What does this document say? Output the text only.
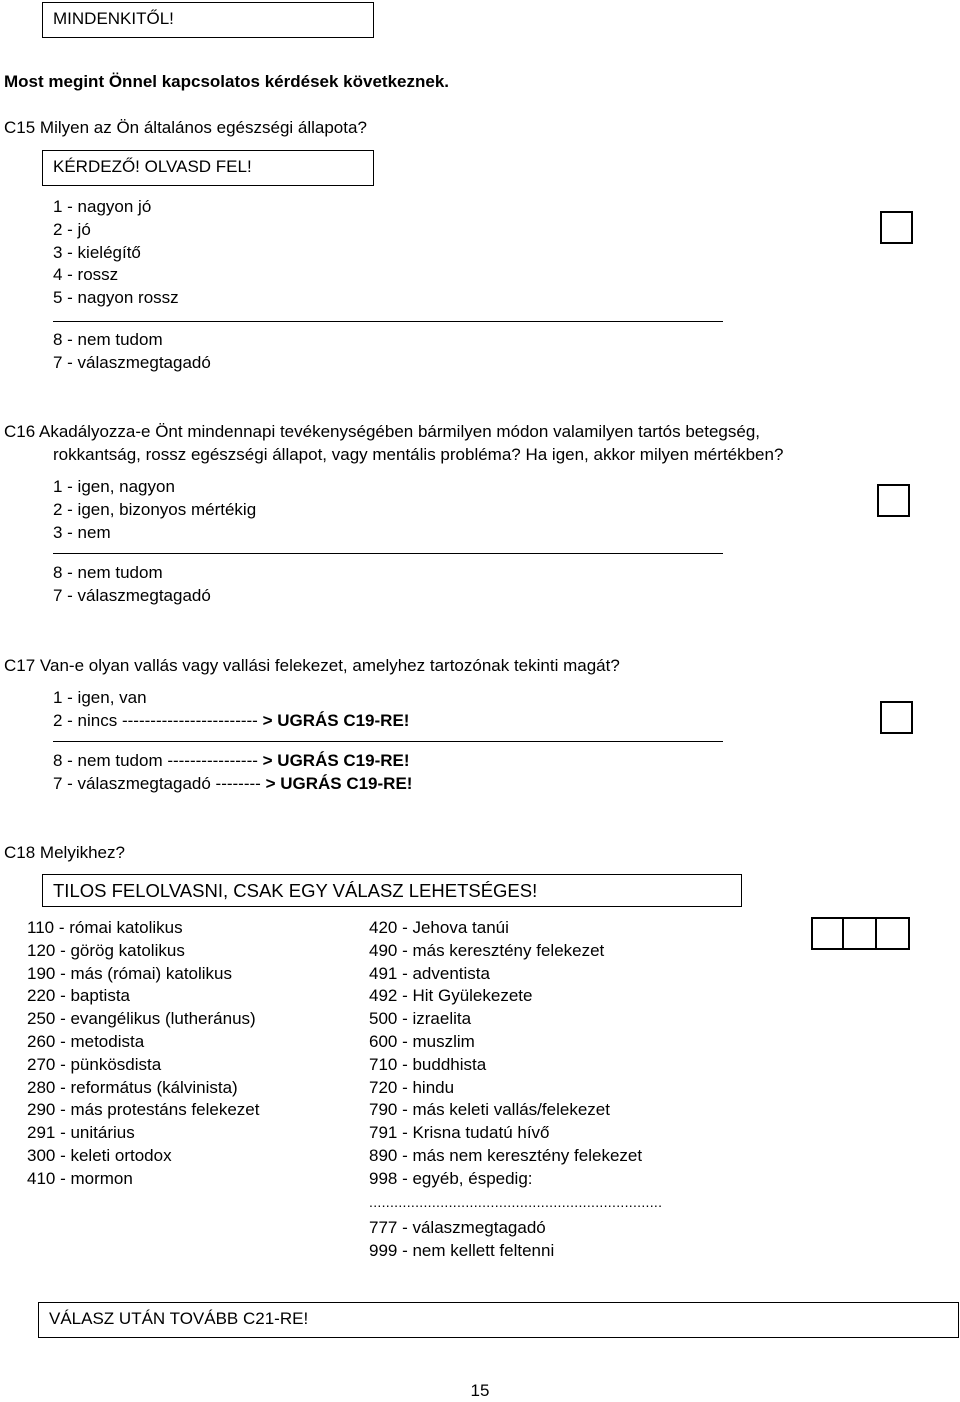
MINDENKITŐL!
Most megint Önnel kapcsolatos kérdések következnek.
C15 Milyen az Ön általános egészségi állapota?
KÉRDEZŐ! OLVASD FEL!
1 - nagyon jó
2 - jó
3 - kielégítő
4 - rossz
5 - nagyon rossz
8 - nem tudom
7 - válaszmegtagadó
C16 Akadályozza-e Önt mindennapi tevékenységében bármilyen módon valamilyen tartós betegség,
rokkantság, rossz egészségi állapot, vagy mentális probléma? Ha igen, akkor milyen mértékben?
1 - igen, nagyon
2 - igen, bizonyos mértékig
3 - nem
8 - nem tudom
7 - válaszmegtagadó
C17 Van-e olyan vallás vagy vallási felekezet, amelyhez tartozónak tekinti magát?
1 - igen, van
2 - nincs ------------------------ > UGRÁS C19-RE!
8 - nem tudom ---------------- > UGRÁS C19-RE!
7 - válaszmegtagadó -------- > UGRÁS C19-RE!
C18 Melyikhez?
TILOS FELOLVASNI, CSAK EGY VÁLASZ LEHETSÉGES!
110 - római katolikus
120 - görög katolikus
190 - más (római) katolikus
220 - baptista
250 - evangélikus (lutheránus)
260 - metodista
270 - pünkösdista
280 - református (kálvinista)
290 - más protestáns felekezet
291 - unitárius
300 - keleti ortodox
410 - mormon
420 - Jehova tanúi
490 - más keresztény felekezet
491 - adventista
492 - Hit Gyülekezete
500 - izraelita
600 - muszlim
710 - buddhista
720 - hindu
790 - más keleti vallás/felekezet
791 - Krisna tudatú hívő
890 - más nem keresztény felekezet
998 - egyéb, éspedig:
......................................................................
777 - válaszmegtagadó
999 - nem kellett feltenni
VÁLASZ UTÁN TOVÁBB C21-RE!
15
